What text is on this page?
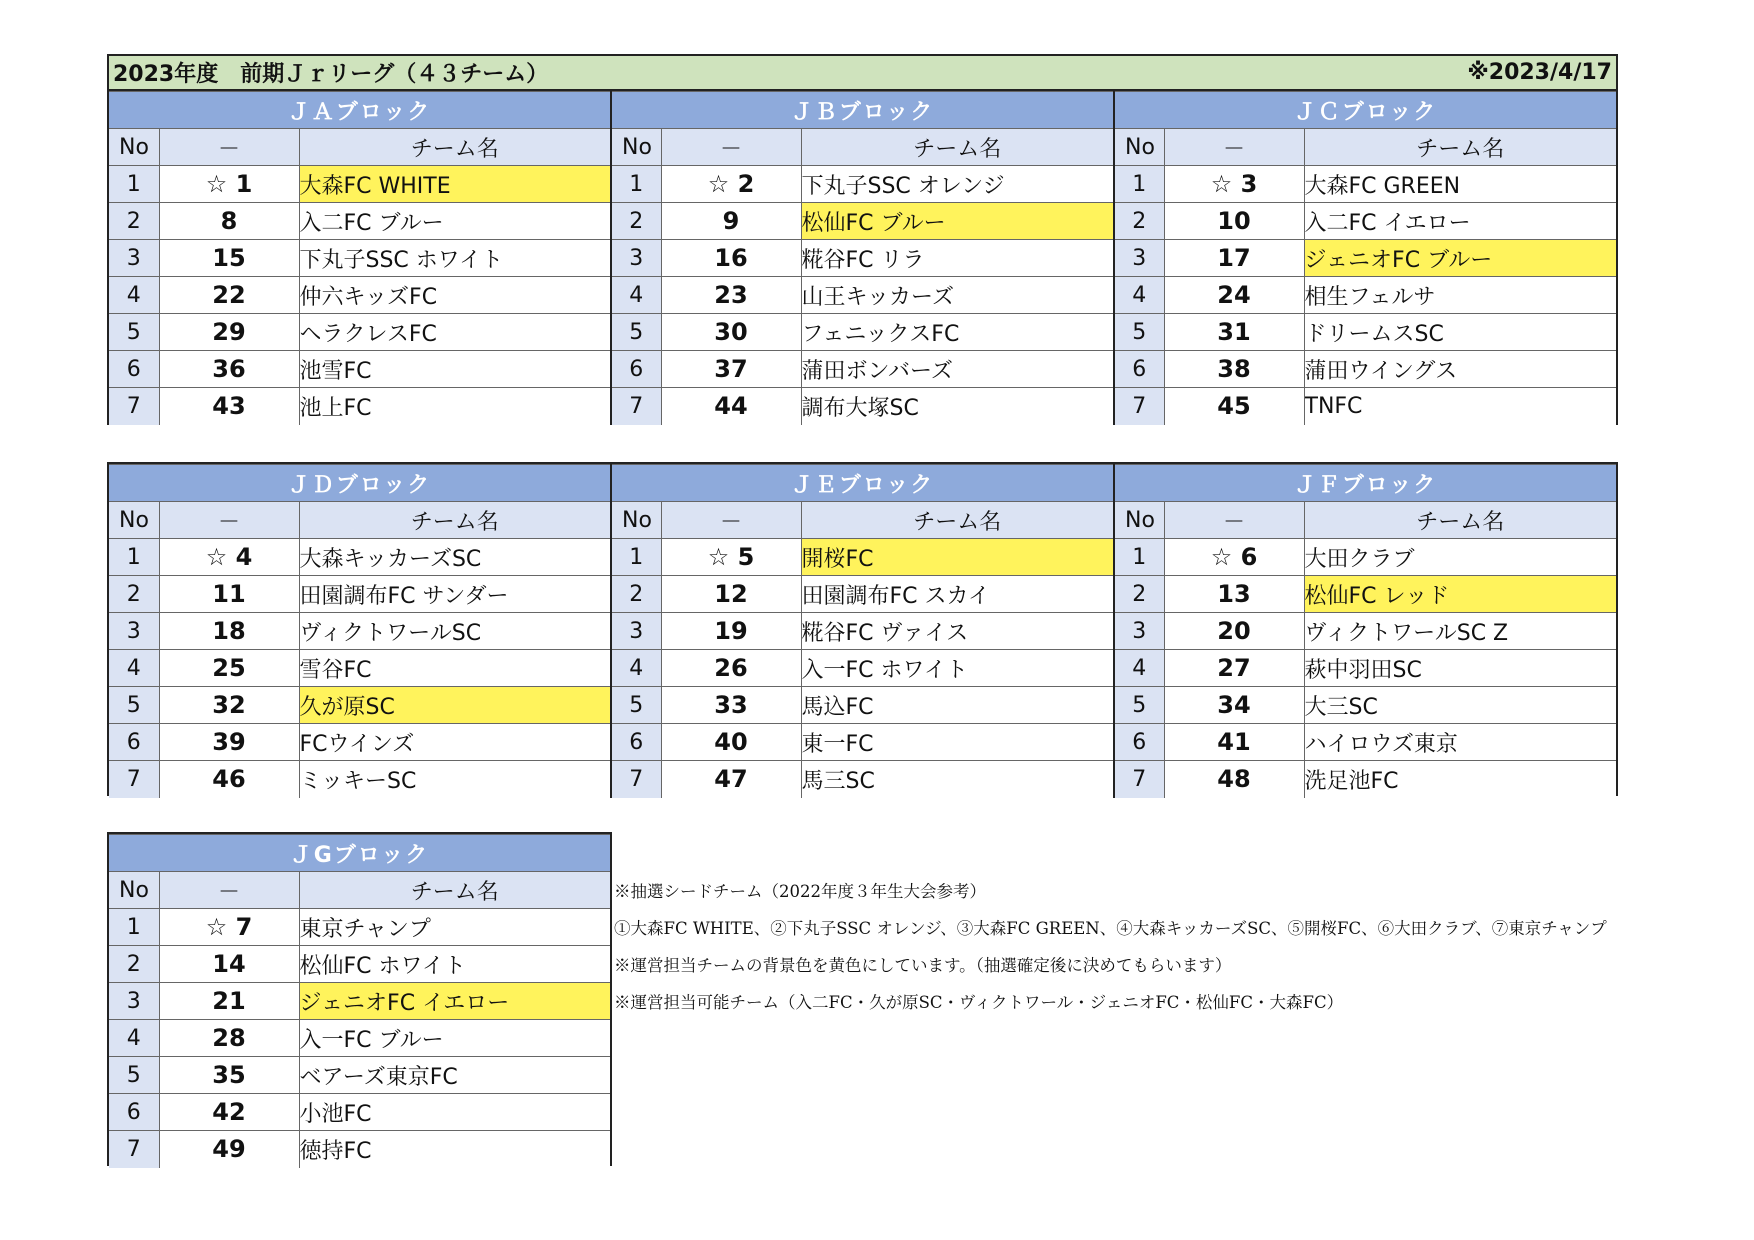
2023年度　前期Ｊｒリーグ（４３チーム）	※2023/4/17
ＪＡブロック		
No	－	チーム名
1	☆ 1	大森FC WHITE
2	8	入二FC ブルー
3	15	下丸子SSC ホワイト
4	22	仲六キッズFC
5	29	ヘラクレスFC
6	36	池雪FC
7	43	池上FC
ＪＢブロック		
No	－	チーム名
1	☆ 2	下丸子SSC オレンジ
2	9	松仙FC ブルー
3	16	糀谷FC リラ
4	23	山王キッカーズ
5	30	フェニックスFC
6	37	蒲田ボンバーズ
7	44	調布大塚SC
ＪＣブロック		
No	－	チーム名
1	☆ 3	大森FC GREEN
2	10	入二FC イエロー
3	17	ジェニオFC ブルー
4	24	相生フェルサ
5	31	ドリームスSC
6	38	蒲田ウイングス
7	45	TNFC
ＪＤブロック		
No	－	チーム名
1	☆ 4	大森キッカーズSC
2	11	田園調布FC サンダー
3	18	ヴィクトワールSC
4	25	雪谷FC
5	32	久が原SC
6	39	FCウインズ
7	46	ミッキーSC
ＪＥブロック		
No	－	チーム名
1	☆ 5	開桜FC
2	12	田園調布FC スカイ
3	19	糀谷FC ヴァイス
4	26	入一FC ホワイト
5	33	馬込FC
6	40	東一FC
7	47	馬三SC
ＪＦブロック		
No	－	チーム名
1	☆ 6	大田クラブ
2	13	松仙FC レッド
3	20	ヴィクトワールSC Z
4	27	萩中羽田SC
5	34	大三SC
6	41	ハイロウズ東京
7	48	洗足池FC
ＪGブロック		
No	－	チーム名
1	☆ 7	東京チャンプ
2	14	松仙FC ホワイト
3	21	ジェニオFC イエロー
4	28	入一FC ブルー
5	35	ベアーズ東京FC
6	42	小池FC
7	49	徳持FC
※抽選シードチーム（2022年度３年生大会参考）
①大森FC WHITE、②下丸子SSC オレンジ、③大森FC GREEN、④大森キッカーズSC、⑤開桜FC、⑥大田クラブ、⑦東京チャンプ
※運営担当チームの背景色を黄色にしています。（抽選確定後に決めてもらいます）
※運営担当可能チーム（入二FC・久が原SC・ヴィクトワール・ジェニオFC・松仙FC・大森FC）
